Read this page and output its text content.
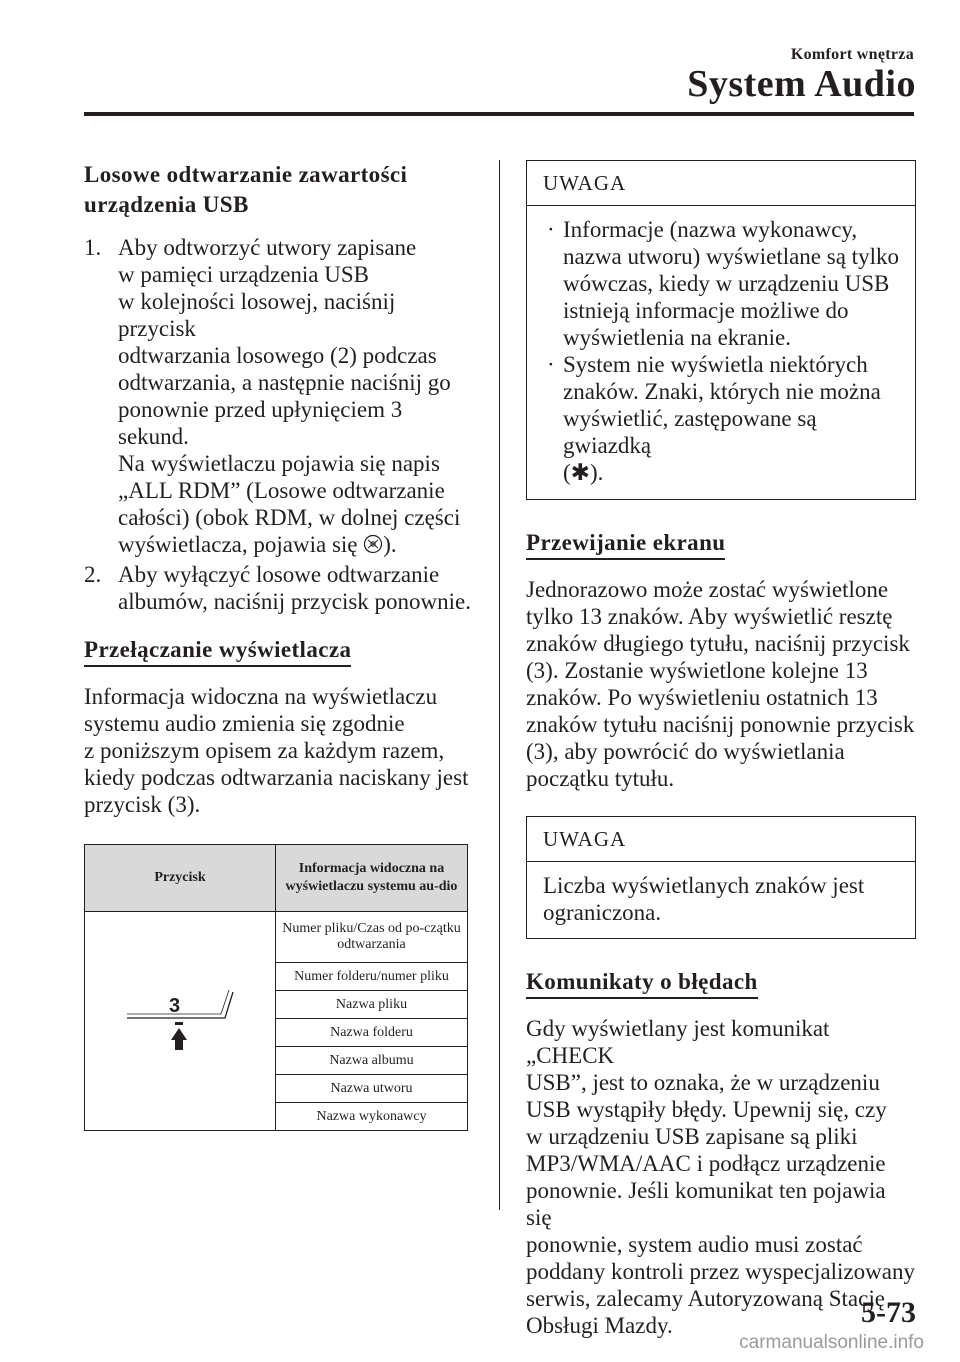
Komfort wnętrza
System Audio
Losowe odtwarzanie zawartości
urządzenia USB
1. Aby odtworzyć utwory zapisane
w pamięci urządzenia USB
w kolejności losowej, naciśnij przycisk
odtwarzania losowego (2) podczas
odtwarzania, a następnie naciśnij go
ponownie przed upłynięciem 3 sekund.
Na wyświetlaczu pojawia się napis
„ALL RDM” (Losowe odtwarzanie
całości) (obok RDM, w dolnej części
wyświetlacza, pojawia się ).
2. Aby wyłączyć losowe odtwarzanie
albumów, naciśnij przycisk ponownie.
Przełączanie wyświetlacza
Informacja widoczna na wyświetlaczu
systemu audio zmienia się zgodnie
z poniższym opisem za każdym razem,
kiedy podczas odtwarzania naciskany jest
przycisk (3).
Przycisk	Informacja widoczna na wyświetlaczu systemu au-dio

3	Numer pliku/Czas od po-czątku odtwarzania
	Numer folderu/numer pliku
	Nazwa pliku
	Nazwa folderu
	Nazwa albumu
	Nazwa utworu
	Nazwa wykonawcy
UWAGA
· Informacje (nazwa wykonawcy,
nazwa utworu) wyświetlane są tylko
wówczas, kiedy w urządzeniu USB
istnieją informacje możliwe do
wyświetlenia na ekranie.
· System nie wyświetla niektórych
znaków. Znaki, których nie można
wyświetlić, zastępowane są gwiazdką
(✱).
Przewijanie ekranu
Jednorazowo może zostać wyświetlone
tylko 13 znaków. Aby wyświetlić resztę
znaków długiego tytułu, naciśnij przycisk
(3). Zostanie wyświetlone kolejne 13
znaków. Po wyświetleniu ostatnich 13
znaków tytułu naciśnij ponownie przycisk
(3), aby powrócić do wyświetlania
początku tytułu.
UWAGA
Liczba wyświetlanych znaków jest
ograniczona.
Komunikaty o błędach
Gdy wyświetlany jest komunikat „CHECK
USB”, jest to oznaka, że w urządzeniu
USB wystąpiły błędy. Upewnij się, czy
w urządzeniu USB zapisane są pliki
MP3/WMA/AAC i podłącz urządzenie
ponownie. Jeśli komunikat ten pojawia się
ponownie, system audio musi zostać
poddany kontroli przez wyspecjalizowany
serwis, zalecamy Autoryzowaną Stację
Obsługi Mazdy.	5-73
carmanualsonline.info
